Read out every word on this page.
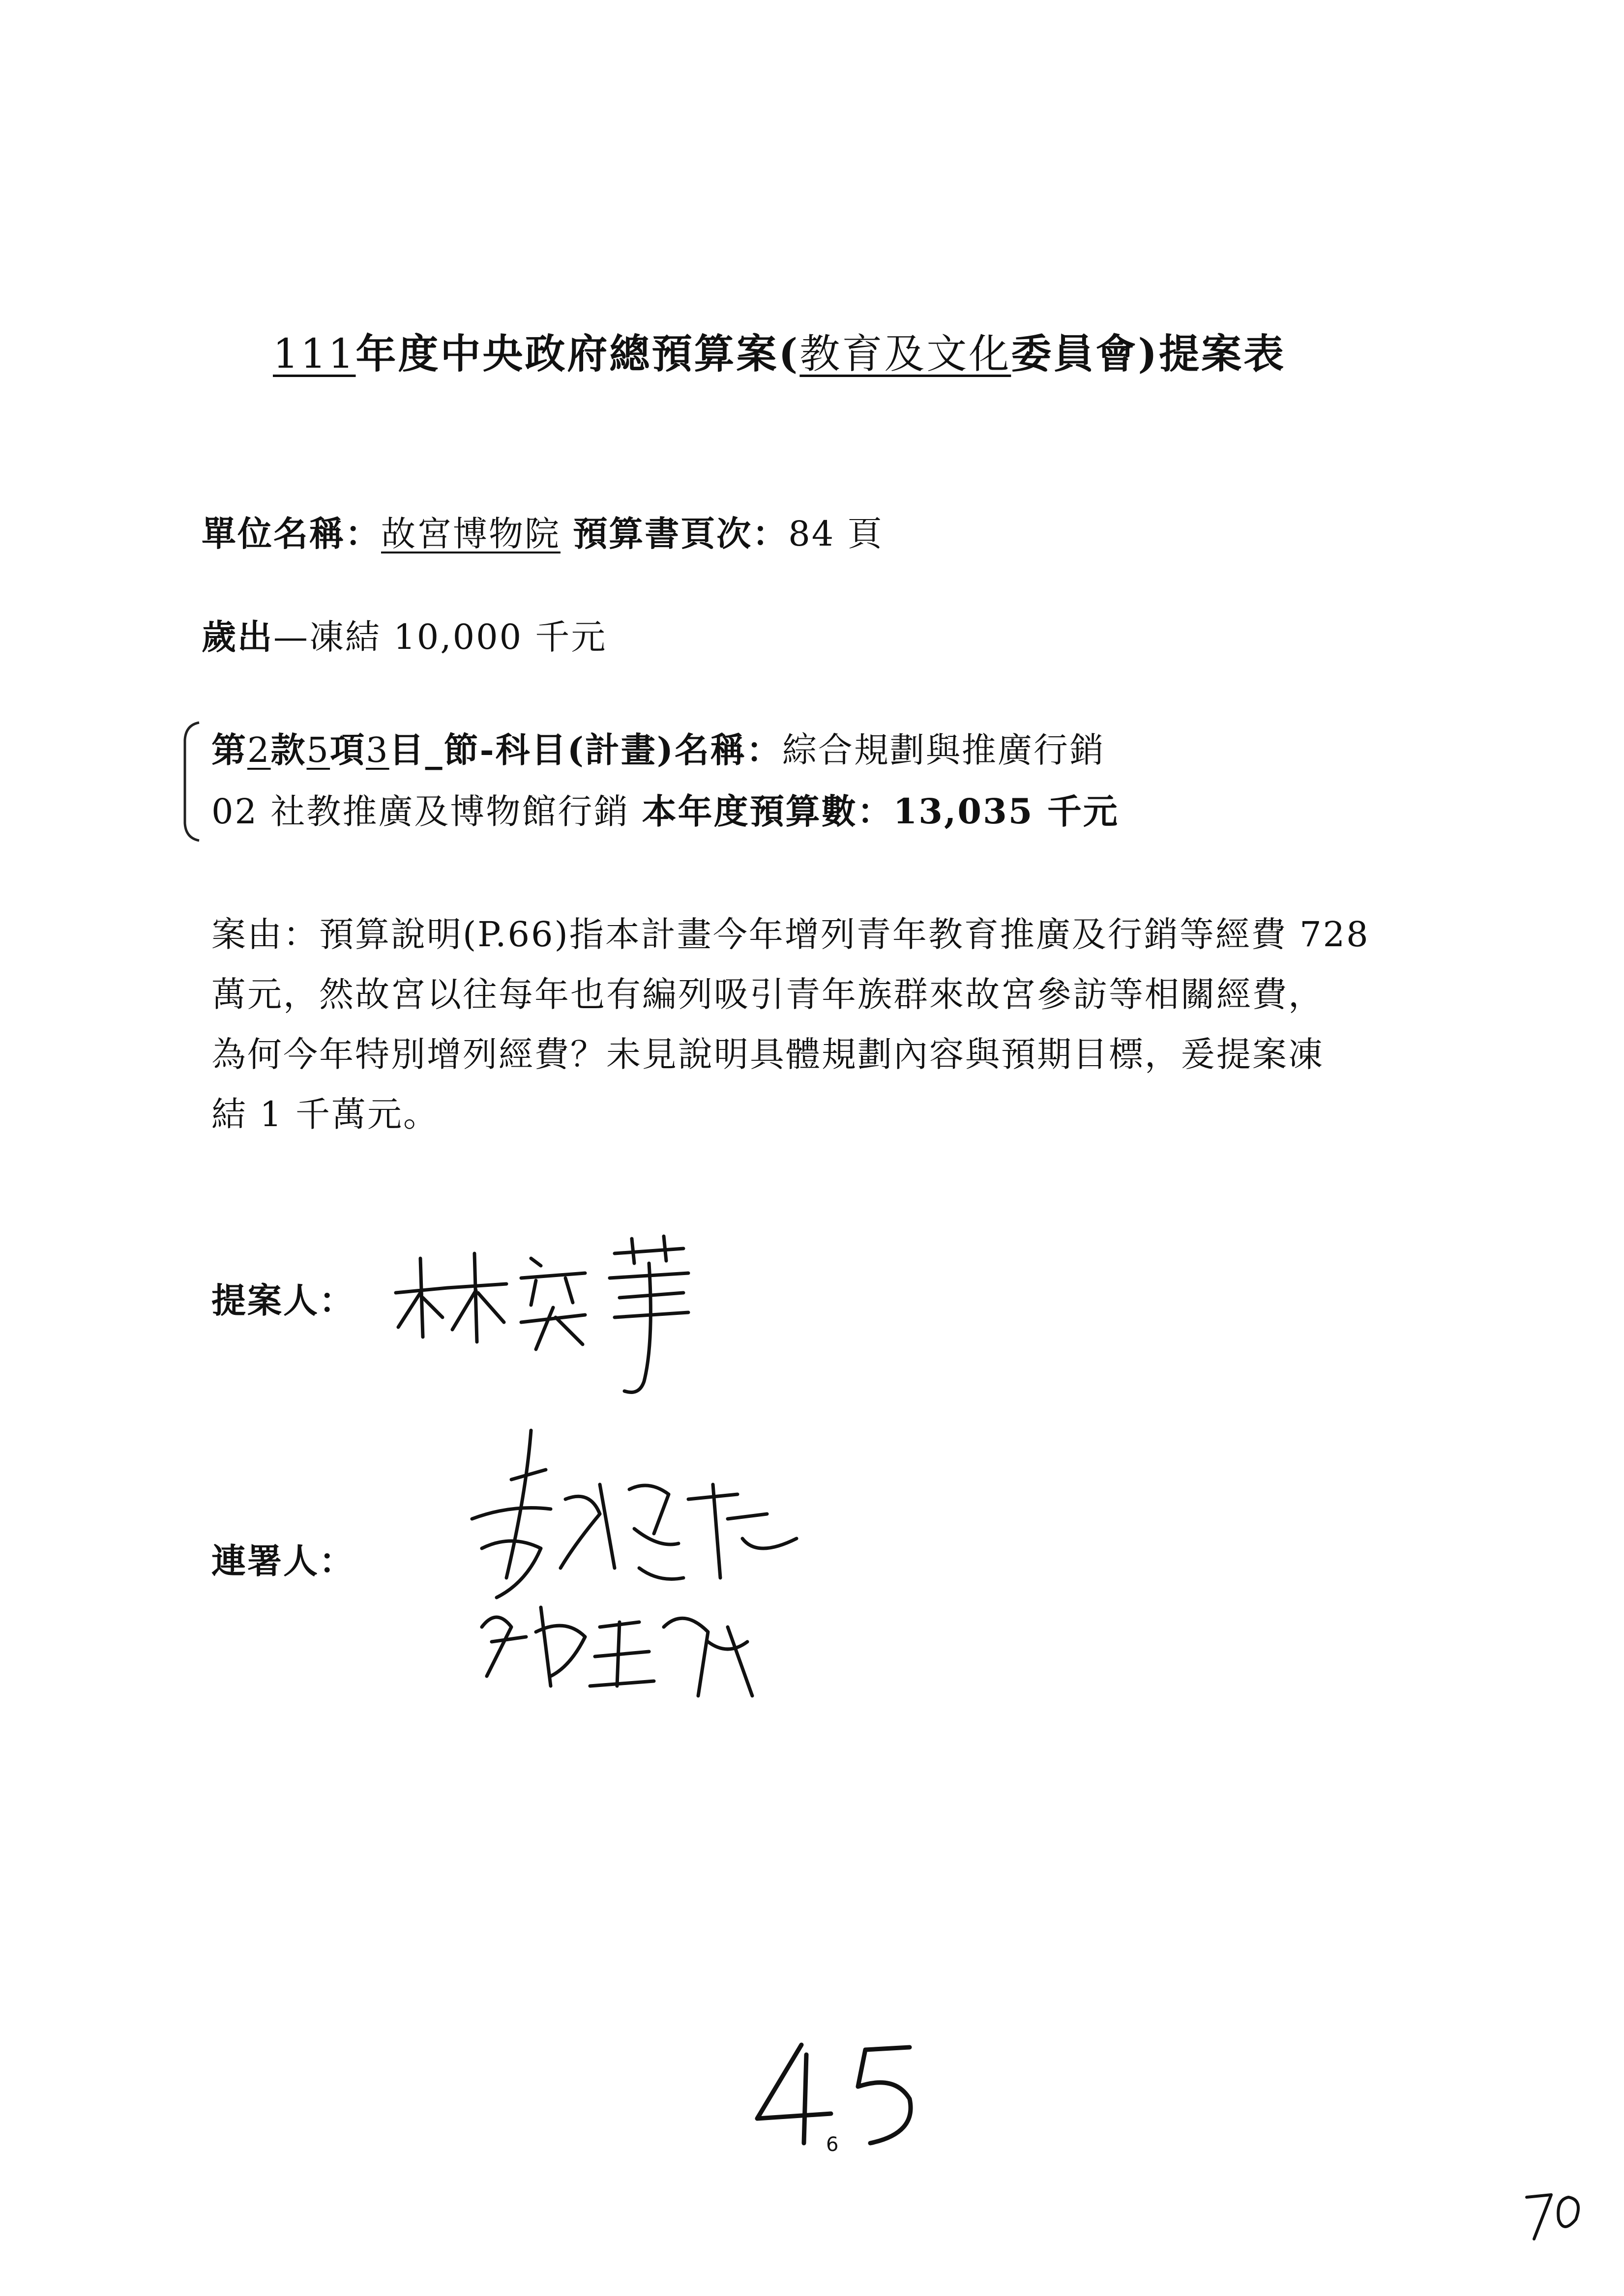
111年度中央政府總預算案(教育及文化委員會)提案表
單位名稱：故宮博物院 預算書頁次：84 頁
歲出—凍結 10,000 千元
第2款5項3目_節-科目(計畫)名稱：綜合規劃與推廣行銷
02 社教推廣及博物館行銷 本年度預算數：13,035 千元
案由：預算說明(P.66)指本計畫今年增列青年教育推廣及行銷等經費 728
萬元，然故宮以往每年也有編列吸引青年族群來故宮參訪等相關經費，
為何今年特別增列經費？未見說明具體規劃內容與預期目標，爰提案凍
結 1 千萬元。
提案人：
連署人：
6
